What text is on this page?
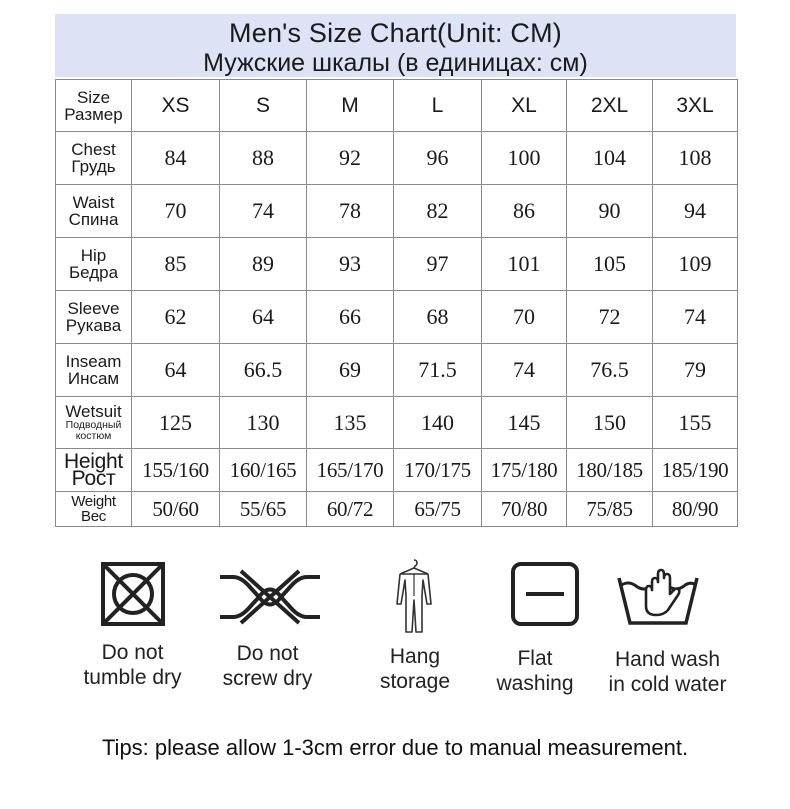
Men's Size Chart(Unit: CM)
Мужские шкалы (в единицах: см)
Size
Размер	XS	S	M	L	XL	2XL	3XL

Chest
Грудь	84	88	92	96	100	104	108

Waist
Спина	70	74	78	82	86	90	94

Hip
Бедра	85	89	93	97	101	105	109

Sleeve
Рукава	62	64	66	68	70	72	74

Inseam
Инсам	64	66.5	69	71.5	74	76.5	79

Wetsuit
Подводный
костюм	125	130	135	140	145	150	155

Height
Рост	155/160	160/165	165/170	170/175	175/180	180/185	185/190

Weight
Вес	50/60	55/65	60/72	65/75	70/80	75/85	80/90
Do not
tumble dry
Do not
screw dry
Hang
storage
Flat
washing
Hand wash
in cold water
Tips: please allow 1-3cm error due to manual measurement.
